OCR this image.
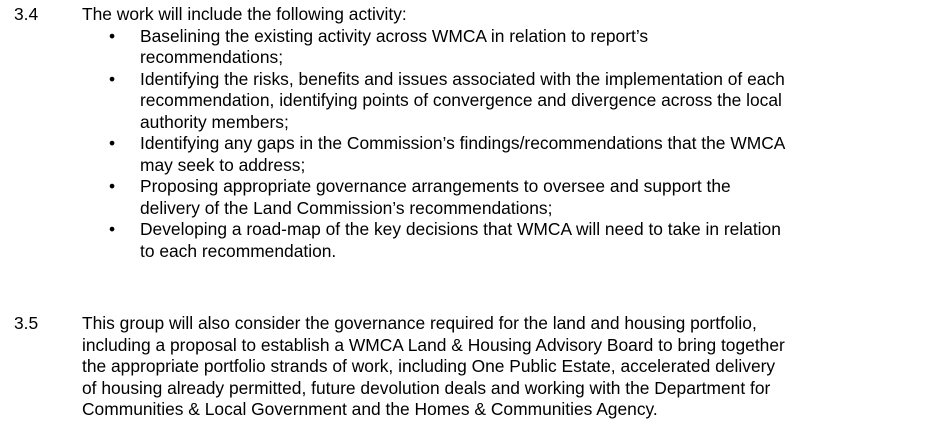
3.4	The work will include the following activity:
• Baselining the existing activity across WMCA in relation to report’s
recommendations;
• Identifying the risks, benefits and issues associated with the implementation of each
recommendation, identifying points of convergence and divergence across the local
authority members;
• Identifying any gaps in the Commission’s findings/recommendations that the WMCA
may seek to address;
• Proposing appropriate governance arrangements to oversee and support the
delivery of the Land Commission’s recommendations;
• Developing a road-map of the key decisions that WMCA will need to take in relation
to each recommendation.
3.5	This group will also consider the governance required for the land and housing portfolio,
including a proposal to establish a WMCA Land & Housing Advisory Board to bring together
the appropriate portfolio strands of work, including One Public Estate, accelerated delivery
of housing already permitted, future devolution deals and working with the Department for
Communities & Local Government and the Homes & Communities Agency.
